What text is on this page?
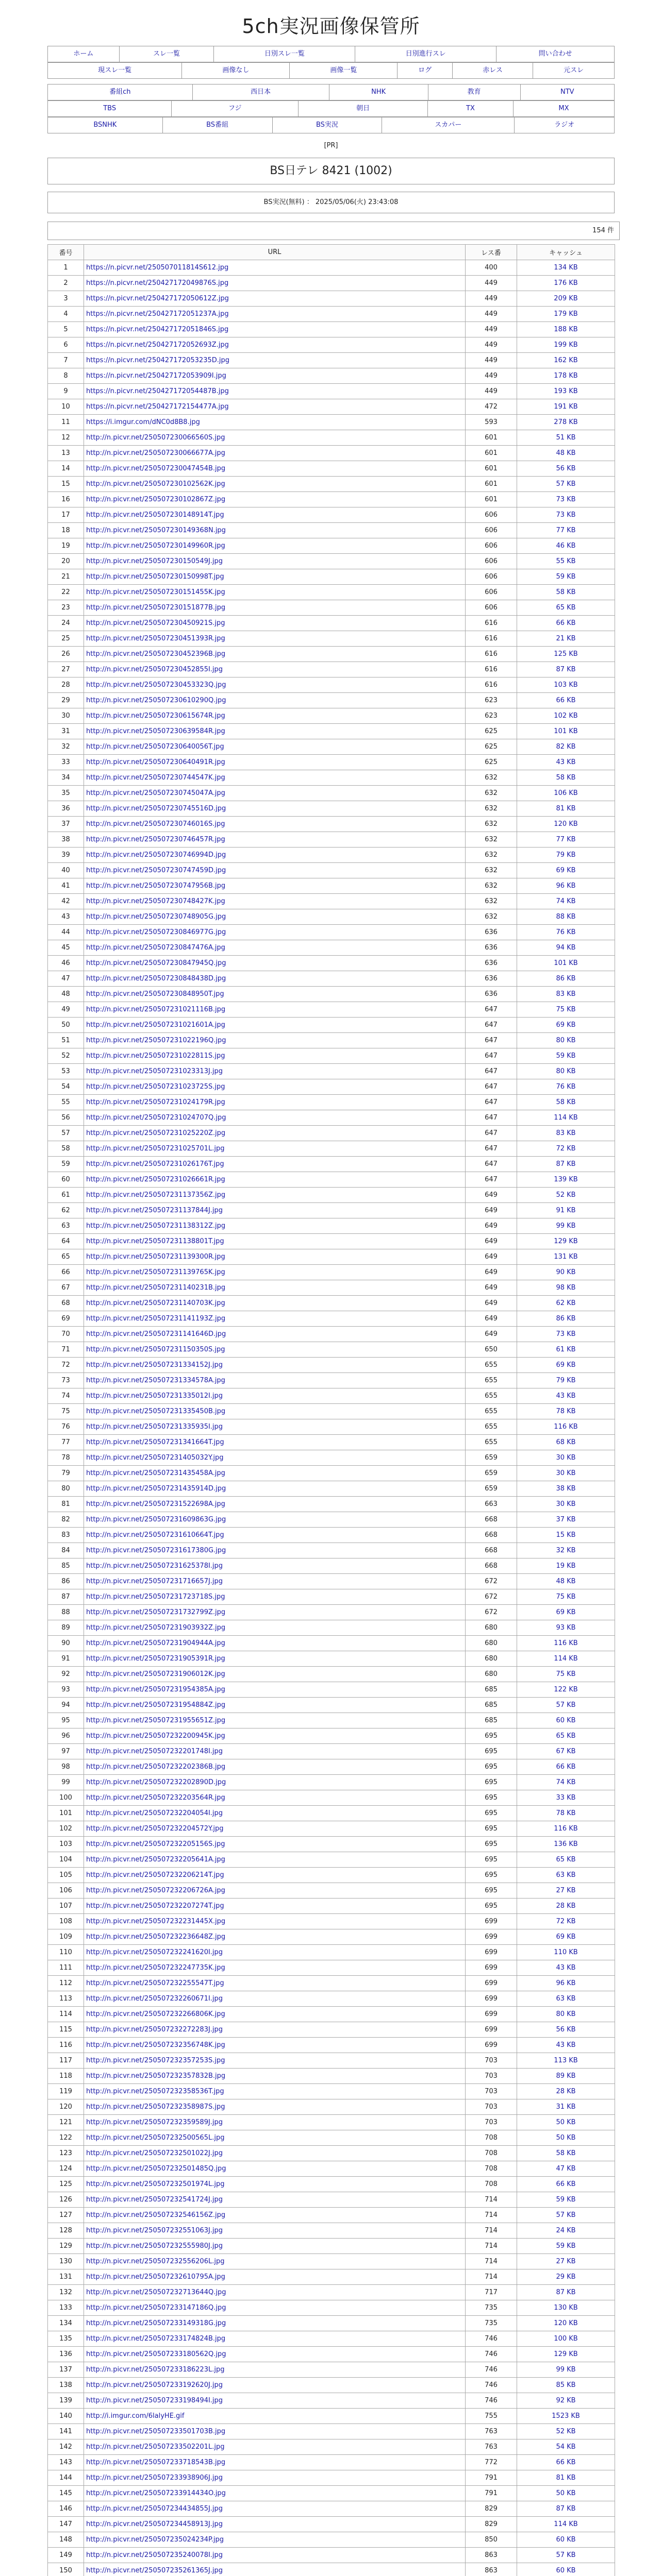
5ch実況画像保管所
ホーム	スレ一覧	日別スレ一覧	日別進行スレ	問い合わせ
現スレ一覧	画像なし	画像一覧	ログ	赤レス	元スレ
番組ch	西日本	NHK	教育	NTV
TBS	フジ	朝日	TX	MX
BSNHK	BS番組	BS実況	スカパー	ラジオ
[PR]
BS日テレ 8421 (1002)
BS実況(無料) ： 2025/05/06(火) 23:43:08
154 件
番号	URL	レス番	キャッシュ
1	https://n.picvr.net/250507011814S612.jpg	400	134 KB
2	https://n.picvr.net/250427172049876S.jpg	449	176 KB
3	https://n.picvr.net/250427172050612Z.jpg	449	209 KB
4	https://n.picvr.net/250427172051237A.jpg	449	179 KB
5	https://n.picvr.net/250427172051846S.jpg	449	188 KB
6	https://n.picvr.net/250427172052693Z.jpg	449	199 KB
7	https://n.picvr.net/250427172053235D.jpg	449	162 KB
8	https://n.picvr.net/250427172053909I.jpg	449	178 KB
9	https://n.picvr.net/250427172054487B.jpg	449	193 KB
10	https://n.picvr.net/250427172154477A.jpg	472	191 KB
11	https://i.imgur.com/dNC0d8B8.jpg	593	278 KB
12	http://n.picvr.net/250507230066560S.jpg	601	51 KB
13	http://n.picvr.net/250507230066677A.jpg	601	48 KB
14	http://n.picvr.net/250507230047454B.jpg	601	56 KB
15	http://n.picvr.net/250507230102562K.jpg	601	57 KB
16	http://n.picvr.net/250507230102867Z.jpg	601	73 KB
17	http://n.picvr.net/250507230148914T.jpg	606	73 KB
18	http://n.picvr.net/250507230149368N.jpg	606	77 KB
19	http://n.picvr.net/250507230149960R.jpg	606	46 KB
20	http://n.picvr.net/250507230150549J.jpg	606	55 KB
21	http://n.picvr.net/250507230150998T.jpg	606	59 KB
22	http://n.picvr.net/250507230151455K.jpg	606	58 KB
23	http://n.picvr.net/250507230151877B.jpg	606	65 KB
24	http://n.picvr.net/250507230450921S.jpg	616	66 KB
25	http://n.picvr.net/250507230451393R.jpg	616	21 KB
26	http://n.picvr.net/250507230452396B.jpg	616	125 KB
27	http://n.picvr.net/250507230452855I.jpg	616	87 KB
28	http://n.picvr.net/250507230453323Q.jpg	616	103 KB
29	http://n.picvr.net/250507230610290Q.jpg	623	66 KB
30	http://n.picvr.net/250507230615674R.jpg	623	102 KB
31	http://n.picvr.net/250507230639584R.jpg	625	101 KB
32	http://n.picvr.net/250507230640056T.jpg	625	82 KB
33	http://n.picvr.net/250507230640491R.jpg	625	43 KB
34	http://n.picvr.net/250507230744547K.jpg	632	58 KB
35	http://n.picvr.net/250507230745047A.jpg	632	106 KB
36	http://n.picvr.net/250507230745516D.jpg	632	81 KB
37	http://n.picvr.net/250507230746016S.jpg	632	120 KB
38	http://n.picvr.net/250507230746457R.jpg	632	77 KB
39	http://n.picvr.net/250507230746994D.jpg	632	79 KB
40	http://n.picvr.net/250507230747459D.jpg	632	69 KB
41	http://n.picvr.net/250507230747956B.jpg	632	96 KB
42	http://n.picvr.net/250507230748427K.jpg	632	74 KB
43	http://n.picvr.net/250507230748905G.jpg	632	88 KB
44	http://n.picvr.net/250507230846977G.jpg	636	76 KB
45	http://n.picvr.net/250507230847476A.jpg	636	94 KB
46	http://n.picvr.net/250507230847945Q.jpg	636	101 KB
47	http://n.picvr.net/250507230848438D.jpg	636	86 KB
48	http://n.picvr.net/250507230848950T.jpg	636	83 KB
49	http://n.picvr.net/250507231021116B.jpg	647	75 KB
50	http://n.picvr.net/250507231021601A.jpg	647	69 KB
51	http://n.picvr.net/250507231022196Q.jpg	647	80 KB
52	http://n.picvr.net/250507231022811S.jpg	647	59 KB
53	http://n.picvr.net/250507231023313J.jpg	647	80 KB
54	http://n.picvr.net/250507231023725S.jpg	647	76 KB
55	http://n.picvr.net/250507231024179R.jpg	647	58 KB
56	http://n.picvr.net/250507231024707Q.jpg	647	114 KB
57	http://n.picvr.net/250507231025220Z.jpg	647	83 KB
58	http://n.picvr.net/250507231025701L.jpg	647	72 KB
59	http://n.picvr.net/250507231026176T.jpg	647	87 KB
60	http://n.picvr.net/250507231026661R.jpg	647	139 KB
61	http://n.picvr.net/250507231137356Z.jpg	649	52 KB
62	http://n.picvr.net/250507231137844J.jpg	649	91 KB
63	http://n.picvr.net/250507231138312Z.jpg	649	99 KB
64	http://n.picvr.net/250507231138801T.jpg	649	129 KB
65	http://n.picvr.net/250507231139300R.jpg	649	131 KB
66	http://n.picvr.net/250507231139765K.jpg	649	90 KB
67	http://n.picvr.net/250507231140231B.jpg	649	98 KB
68	http://n.picvr.net/250507231140703K.jpg	649	62 KB
69	http://n.picvr.net/250507231141193Z.jpg	649	86 KB
70	http://n.picvr.net/250507231141646D.jpg	649	73 KB
71	http://n.picvr.net/250507231150350S.jpg	650	61 KB
72	http://n.picvr.net/250507231334152J.jpg	655	69 KB
73	http://n.picvr.net/250507231334578A.jpg	655	79 KB
74	http://n.picvr.net/250507231335012I.jpg	655	43 KB
75	http://n.picvr.net/250507231335450B.jpg	655	78 KB
76	http://n.picvr.net/250507231335935I.jpg	655	116 KB
77	http://n.picvr.net/250507231341664T.jpg	655	68 KB
78	http://n.picvr.net/250507231405032Y.jpg	659	30 KB
79	http://n.picvr.net/250507231435458A.jpg	659	30 KB
80	http://n.picvr.net/250507231435914D.jpg	659	38 KB
81	http://n.picvr.net/250507231522698A.jpg	663	30 KB
82	http://n.picvr.net/250507231609863G.jpg	668	37 KB
83	http://n.picvr.net/250507231610664T.jpg	668	15 KB
84	http://n.picvr.net/250507231617380G.jpg	668	32 KB
85	http://n.picvr.net/250507231625378I.jpg	668	19 KB
86	http://n.picvr.net/250507231716657J.jpg	672	48 KB
87	http://n.picvr.net/250507231723718S.jpg	672	75 KB
88	http://n.picvr.net/250507231732799Z.jpg	672	69 KB
89	http://n.picvr.net/250507231903932Z.jpg	680	93 KB
90	http://n.picvr.net/250507231904944A.jpg	680	116 KB
91	http://n.picvr.net/250507231905391R.jpg	680	114 KB
92	http://n.picvr.net/250507231906012K.jpg	680	75 KB
93	http://n.picvr.net/250507231954385A.jpg	685	122 KB
94	http://n.picvr.net/250507231954884Z.jpg	685	57 KB
95	http://n.picvr.net/250507231955651Z.jpg	685	60 KB
96	http://n.picvr.net/250507232200945K.jpg	695	65 KB
97	http://n.picvr.net/250507232201748I.jpg	695	67 KB
98	http://n.picvr.net/250507232202386B.jpg	695	66 KB
99	http://n.picvr.net/250507232202890D.jpg	695	74 KB
100	http://n.picvr.net/250507232203564R.jpg	695	33 KB
101	http://n.picvr.net/250507232204054I.jpg	695	78 KB
102	http://n.picvr.net/250507232204572Y.jpg	695	116 KB
103	http://n.picvr.net/250507232205156S.jpg	695	136 KB
104	http://n.picvr.net/250507232205641A.jpg	695	65 KB
105	http://n.picvr.net/250507232206214T.jpg	695	63 KB
106	http://n.picvr.net/250507232206726A.jpg	695	27 KB
107	http://n.picvr.net/250507232207274T.jpg	695	28 KB
108	http://n.picvr.net/250507232231445X.jpg	699	72 KB
109	http://n.picvr.net/250507232236648Z.jpg	699	69 KB
110	http://n.picvr.net/250507232241620I.jpg	699	110 KB
111	http://n.picvr.net/250507232247735K.jpg	699	43 KB
112	http://n.picvr.net/250507232255547T.jpg	699	96 KB
113	http://n.picvr.net/250507232260671I.jpg	699	63 KB
114	http://n.picvr.net/250507232266806K.jpg	699	80 KB
115	http://n.picvr.net/250507232272283J.jpg	699	56 KB
116	http://n.picvr.net/250507232356748K.jpg	699	43 KB
117	http://n.picvr.net/250507232357253S.jpg	703	113 KB
118	http://n.picvr.net/250507232357832B.jpg	703	89 KB
119	http://n.picvr.net/250507232358536T.jpg	703	28 KB
120	http://n.picvr.net/250507232358987S.jpg	703	31 KB
121	http://n.picvr.net/250507232359589J.jpg	703	50 KB
122	http://n.picvr.net/250507232500565L.jpg	708	50 KB
123	http://n.picvr.net/250507232501022J.jpg	708	58 KB
124	http://n.picvr.net/250507232501485Q.jpg	708	47 KB
125	http://n.picvr.net/250507232501974L.jpg	708	66 KB
126	http://n.picvr.net/250507232541724J.jpg	714	59 KB
127	http://n.picvr.net/250507232546156Z.jpg	714	57 KB
128	http://n.picvr.net/250507232551063J.jpg	714	24 KB
129	http://n.picvr.net/250507232555980J.jpg	714	59 KB
130	http://n.picvr.net/250507232556206L.jpg	714	27 KB
131	http://n.picvr.net/250507232610795A.jpg	714	29 KB
132	http://n.picvr.net/250507232713644Q.jpg	717	87 KB
133	http://n.picvr.net/250507233147186Q.jpg	735	130 KB
134	http://n.picvr.net/250507233149318G.jpg	735	120 KB
135	http://n.picvr.net/250507233174824B.jpg	746	100 KB
136	http://n.picvr.net/250507233180562Q.jpg	746	129 KB
137	http://n.picvr.net/250507233186223L.jpg	746	99 KB
138	http://n.picvr.net/250507233192620J.jpg	746	85 KB
139	http://n.picvr.net/250507233198494I.jpg	746	92 KB
140	http://i.imgur.com/6lalyHE.gif	755	1523 KB
141	http://n.picvr.net/250507233501703B.jpg	763	52 KB
142	http://n.picvr.net/250507233502201L.jpg	763	54 KB
143	http://n.picvr.net/250507233718543B.jpg	772	66 KB
144	http://n.picvr.net/250507233938906J.jpg	791	81 KB
145	http://n.picvr.net/250507233914434O.jpg	791	50 KB
146	http://n.picvr.net/250507234434855J.jpg	829	87 KB
147	http://n.picvr.net/250507234458913J.jpg	829	114 KB
148	http://n.picvr.net/250507235024234P.jpg	850	60 KB
149	http://n.picvr.net/250507235240078I.jpg	863	57 KB
150	http://n.picvr.net/250507235261365J.jpg	863	60 KB
